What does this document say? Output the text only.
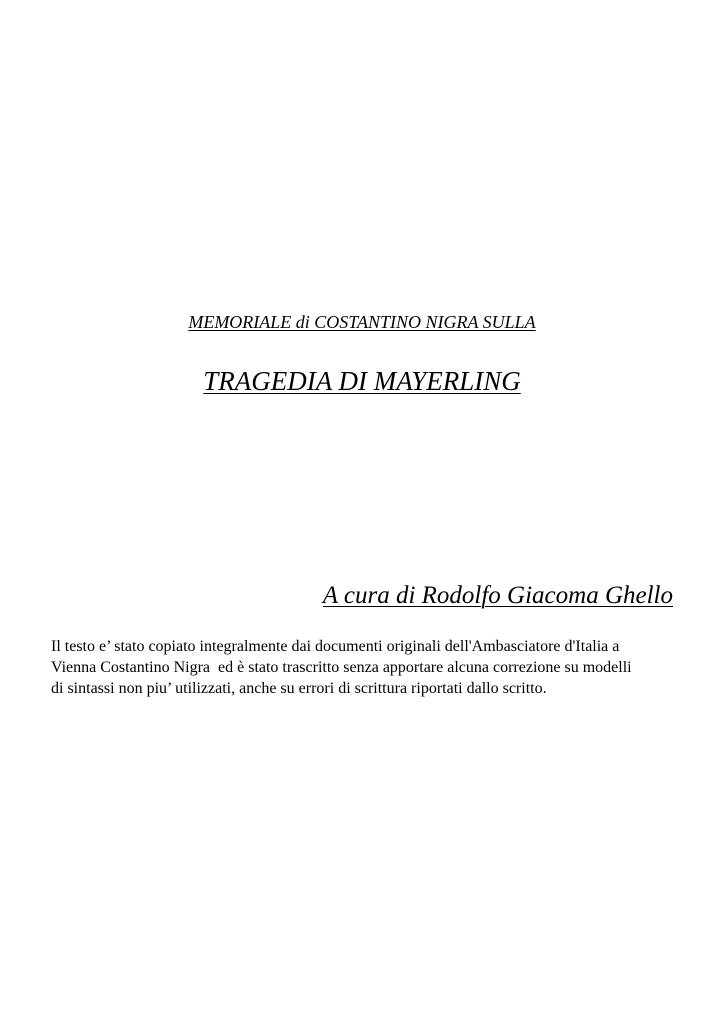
MEMORIALE di COSTANTINO NIGRA SULLA
TRAGEDIA DI MAYERLING
A cura di Rodolfo Giacoma Ghello
Il testo e’ stato copiato integralmente dai documenti originali dell'Ambasciatore d'Italia a
Vienna Costantino Nigra  ed è stato trascritto senza apportare alcuna correzione su modelli
di sintassi non piu’ utilizzati, anche su errori di scrittura riportati dallo scritto.
